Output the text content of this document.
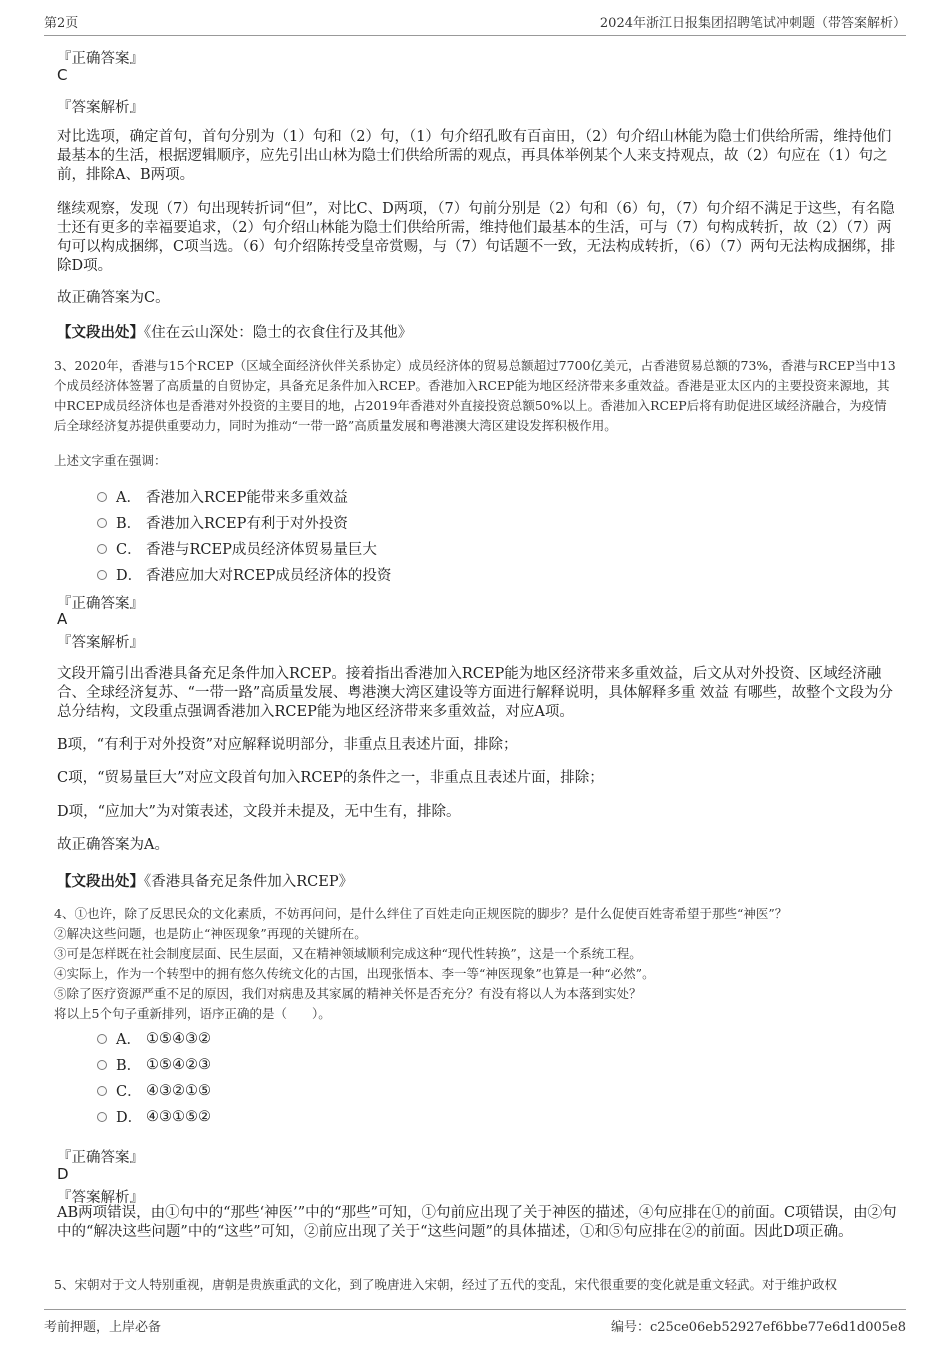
第2页	2024年浙江日报集团招聘笔试冲刺题（带答案解析）
『正确答案』
C
『答案解析』
对比选项，确定首句，首句分别为（1）句和（2）句，（1）句介绍孔畋有百亩田，（2）句介绍山林能为隐士们供给所需，维持他们最基本的生活，根据逻辑顺序，应先引出山林为隐士们供给所需的观点，再具体举例某个人来支持观点，故（2）句应在（1）句之前，排除A、B两项。
继续观察，发现（7）句出现转折词“但”，对比C、D两项，（7）句前分别是（2）句和（6）句，（7）句介绍不满足于这些，有名隐士还有更多的幸福要追求，（2）句介绍山林能为隐士们供给所需，维持他们最基本的生活，可与（7）句构成转折，故（2）（7）两句可以构成捆绑，C项当选。（6）句介绍陈抟受皇帝赏赐，与（7）句话题不一致，无法构成转折，（6）（7）两句无法构成捆绑，排除D项。
故正确答案为C。
【文段出处】《住在云山深处：隐士的衣食住行及其他》
3、2020年，香港与15个RCEP（区域全面经济伙伴关系协定）成员经济体的贸易总额超过7700亿美元，占香港贸易总额的73%，香港与RCEP当中13个成员经济体签署了高质量的自贸协定，具备充足条件加入RCEP。香港加入RCEP能为地区经济带来多重效益。香港是亚太区内的主要投资来源地，其中RCEP成员经济体也是香港对外投资的主要目的地，占2019年香港对外直接投资总额50%以上。香港加入RCEP后将有助促进区域经济融合，为疫情后全球经济复苏提供重要动力，同时为推动“一带一路”高质量发展和粤港澳大湾区建设发挥积极作用。
上述文字重在强调：
A． 香港加入RCEP能带来多重效益
B． 香港加入RCEP有利于对外投资
C． 香港与RCEP成员经济体贸易量巨大
D． 香港应加大对RCEP成员经济体的投资
『正确答案』
A
『答案解析』
文段开篇引出香港具备充足条件加入RCEP。接着指出香港加入RCEP能为地区经济带来多重效益，后文从对外投资、区域经济融合、全球经济复苏、“一带一路”高质量发展、粤港澳大湾区建设等方面进行解释说明，具体解释多重 效益 有哪些，故整个文段为分总分结构，文段重点强调香港加入RCEP能为地区经济带来多重效益，对应A项。
B项，“有利于对外投资”对应解释说明部分，非重点且表述片面，排除；
C项，“贸易量巨大”对应文段首句加入RCEP的条件之一，非重点且表述片面，排除；
D项，“应加大”为对策表述，文段并未提及，无中生有，排除。
故正确答案为A。
【文段出处】《香港具备充足条件加入RCEP》
4、①也许，除了反思民众的文化素质，不妨再问问，是什么绊住了百姓走向正规医院的脚步？是什么促使百姓寄希望于那些“神医”？
②解决这些问题，也是防止“神医现象”再现的关键所在。
③可是怎样既在社会制度层面、民生层面，又在精神领域顺利完成这种“现代性转换”，这是一个系统工程。
④实际上，作为一个转型中的拥有悠久传统文化的古国，出现张悟本、李一等“神医现象”也算是一种“必然”。
⑤除了医疗资源严重不足的原因，我们对病患及其家属的精神关怀是否充分？有没有将以人为本落到实处？
将以上5个句子重新排列，语序正确的是（　　）。
A． ①⑤④③②
B． ①⑤④②③
C． ④③②①⑤
D． ④③①⑤②
『正确答案』
D
『答案解析』
AB两项错误，由①句中的“那些‘神医’”中的“那些”可知，①句前应出现了关于神医的描述，④句应排在①的前面。C项错误，由②句中的“解决这些问题”中的“这些”可知，②前应出现了关于“这些问题”的具体描述，①和⑤句应排在②的前面。因此D项正确。
5、宋朝对于文人特别重视，唐朝是贵族重武的文化，到了晚唐进入宋朝，经过了五代的变乱，宋代很重要的变化就是重文轻武。对于维护政权
考前押题，上岸必备	编号：c25ce06eb52927ef6bbe77e6d1d005e8
